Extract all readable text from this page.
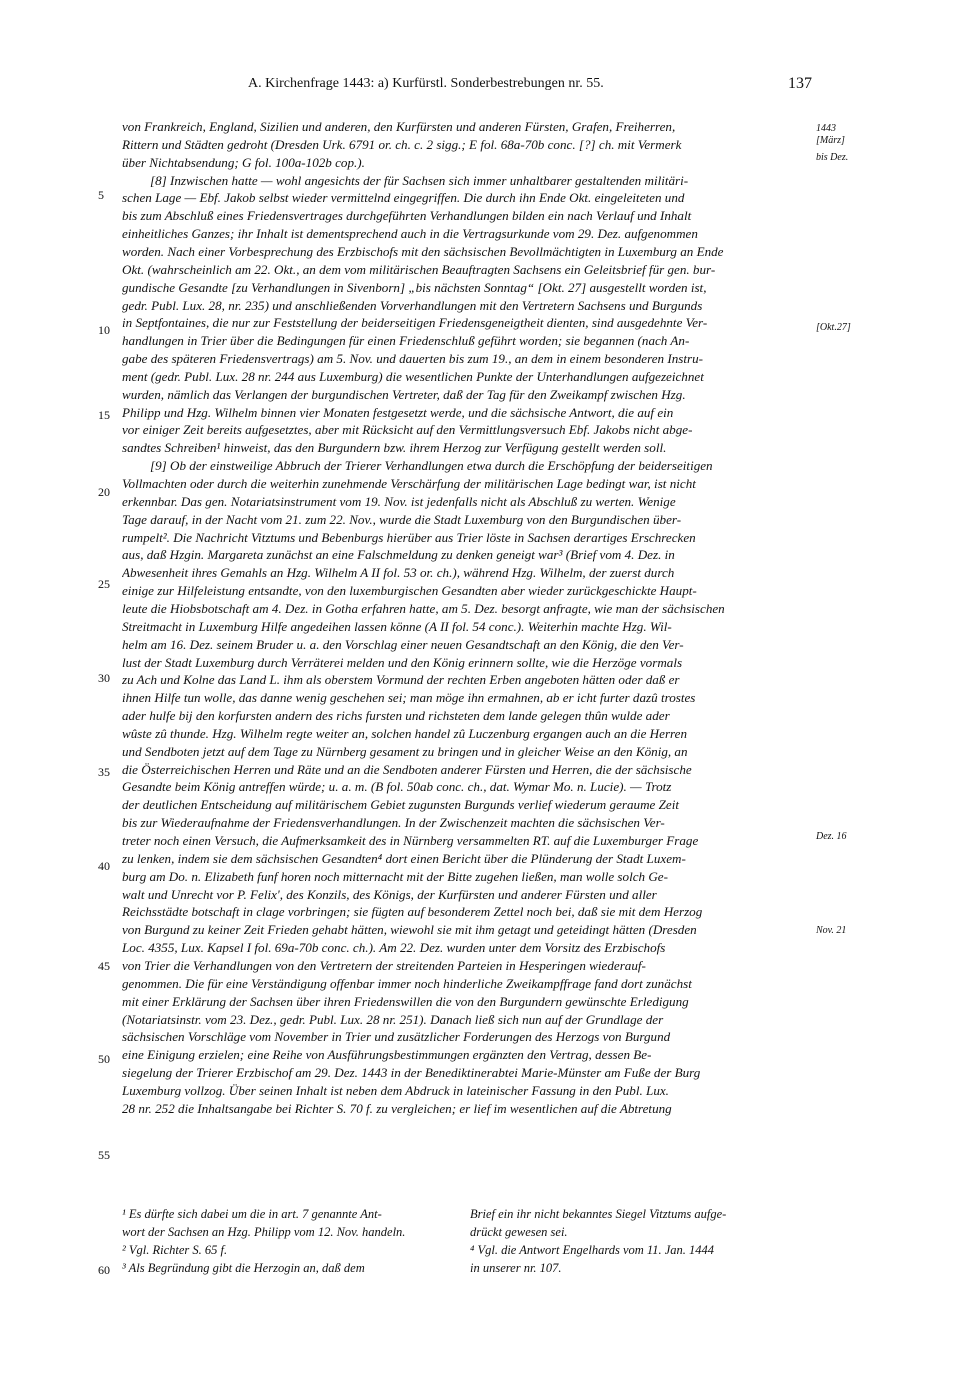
A. Kirchenfrage 1443: a) Kurfürstl. Sonderbestrebungen nr. 55.	137
1443
[März]
bis Dez.
[Okt.27]
Dez. 16
Nov. 21
5
10
15
20
25
30
35
40
45
50
55
60
von Frankreich, England, Sizilien und anderen, den Kurfürsten und anderen Fürsten, Grafen, Freiherren,
Rittern und Städten gedroht (Dresden Urk. 6791 or. ch. c. 2 sigg.; E fol. 68a-70b conc. [?] ch. mit Vermerk
über Nichtabsendung; G fol. 100a-102b cop.).
[8] Inzwischen hatte — wohl angesichts der für Sachsen sich immer unhaltbarer gestaltenden militäri-
schen Lage — Ebf. Jakob selbst wieder vermittelnd eingegriffen. Die durch ihn Ende Okt. eingeleiteten und
bis zum Abschluß eines Friedensvertrages durchgeführten Verhandlungen bilden ein nach Verlauf und Inhalt
einheitliches Ganzes; ihr Inhalt ist dementsprechend auch in die Vertragsurkunde vom 29. Dez. aufgenommen
worden. Nach einer Vorbesprechung des Erzbischofs mit den sächsischen Bevollmächtigten in Luxemburg an Ende
Okt. (wahrscheinlich am 22. Okt., an dem vom militärischen Beauftragten Sachsens ein Geleitsbrief für gen. bur-
gundische Gesandte [zu Verhandlungen in Sivenborn] „bis nächsten Sonntag“ [Okt. 27] ausgestellt worden ist,
gedr. Publ. Lux. 28, nr. 235) und anschließenden Vorverhandlungen mit den Vertretern Sachsens und Burgunds
in Septfontaines, die nur zur Feststellung der beiderseitigen Friedensgeneigtheit dienten, sind ausgedehnte Ver-
handlungen in Trier über die Bedingungen für einen Friedenschluß geführt worden; sie begannen (nach An-
gabe des späteren Friedensvertrags) am 5. Nov. und dauerten bis zum 19., an dem in einem besonderen Instru-
ment (gedr. Publ. Lux. 28 nr. 244 aus Luxemburg) die wesentlichen Punkte der Unterhandlungen aufgezeichnet
wurden, nämlich das Verlangen der burgundischen Vertreter, daß der Tag für den Zweikampf zwischen Hzg.
Philipp und Hzg. Wilhelm binnen vier Monaten festgesetzt werde, und die sächsische Antwort, die auf ein
vor einiger Zeit bereits aufgesetztes, aber mit Rücksicht auf den Vermittlungsversuch Ebf. Jakobs nicht abge-
sandtes Schreiben¹ hinweist, das den Burgundern bzw. ihrem Herzog zur Verfügung gestellt werden soll.
[9] Ob der einstweilige Abbruch der Trierer Verhandlungen etwa durch die Erschöpfung der beiderseitigen
Vollmachten oder durch die weiterhin zunehmende Verschärfung der militärischen Lage bedingt war, ist nicht
erkennbar. Das gen. Notariatsinstrument vom 19. Nov. ist jedenfalls nicht als Abschluß zu werten. Wenige
Tage darauf, in der Nacht vom 21. zum 22. Nov., wurde die Stadt Luxemburg von den Burgundischen über-
rumpelt². Die Nachricht Vitztums und Bebenburgs hierüber aus Trier löste in Sachsen derartiges Erschrecken
aus, daß Hzgin. Margareta zunächst an eine Falschmeldung zu denken geneigt war³ (Brief vom 4. Dez. in
Abwesenheit ihres Gemahls an Hzg. Wilhelm A II fol. 53 or. ch.), während Hzg. Wilhelm, der zuerst durch
einige zur Hilfeleistung entsandte, von den luxemburgischen Gesandten aber wieder zurückgeschickte Haupt-
leute die Hiobsbotschaft am 4. Dez. in Gotha erfahren hatte, am 5. Dez. besorgt anfragte, wie man der sächsischen
Streitmacht in Luxemburg Hilfe angedeihen lassen könne (A II fol. 54 conc.). Weiterhin machte Hzg. Wil-
helm am 16. Dez. seinem Bruder u. a. den Vorschlag einer neuen Gesandtschaft an den König, die den Ver-
lust der Stadt Luxemburg durch Verräterei melden und den König erinnern sollte, wie die Herzöge vormals
zu Ach und Kolne das Land L. ihm als oberstem Vormund der rechten Erben angeboten hätten oder daß er
ihnen Hilfe tun wolle, das danne wenig geschehen sei; man möge ihn ermahnen, ab er icht furter dazû trostes
ader hulfe bij den korfursten andern des richs fursten und richsteten dem lande gelegen thûn wulde ader
wûste zû thunde. Hzg. Wilhelm regte weiter an, solchen handel zû Luczenburg ergangen auch an die Herren
und Sendboten jetzt auf dem Tage zu Nürnberg gesament zu bringen und in gleicher Weise an den König, an
die Österreichischen Herren und Räte und an die Sendboten anderer Fürsten und Herren, die der sächsische
Gesandte beim König antreffen würde; u. a. m. (B fol. 50ab conc. ch., dat. Wymar Mo. n. Lucie). — Trotz
der deutlichen Entscheidung auf militärischem Gebiet zugunsten Burgunds verlief wiederum geraume Zeit
bis zur Wiederaufnahme der Friedensverhandlungen. In der Zwischenzeit machten die sächsischen Ver-
treter noch einen Versuch, die Aufmerksamkeit des in Nürnberg versammelten RT. auf die Luxemburger Frage
zu lenken, indem sie dem sächsischen Gesandten⁴ dort einen Bericht über die Plünderung der Stadt Luxem-
burg am Do. n. Elizabeth funf horen noch mitternacht mit der Bitte zugehen ließen, man wolle solch Ge-
walt und Unrecht vor P. Felix', des Konzils, des Königs, der Kurfürsten und anderer Fürsten und aller
Reichsstädte botschaft in clage vorbringen; sie fügten auf besonderem Zettel noch bei, daß sie mit dem Herzog
von Burgund zu keiner Zeit Frieden gehabt hätten, wiewohl sie mit ihm getagt und geteidingt hätten (Dresden
Loc. 4355, Lux. Kapsel I fol. 69a-70b conc. ch.). Am 22. Dez. wurden unter dem Vorsitz des Erzbischofs
von Trier die Verhandlungen von den Vertretern der streitenden Parteien in Hesperingen wiederauf-
genommen. Die für eine Verständigung offenbar immer noch hinderliche Zweikampffrage fand dort zunächst
mit einer Erklärung der Sachsen über ihren Friedenswillen die von den Burgundern gewünschte Erledigung
(Notariatsinstr. vom 23. Dez., gedr. Publ. Lux. 28 nr. 251). Danach ließ sich nun auf der Grundlage der
sächsischen Vorschläge vom November in Trier und zusätzlicher Forderungen des Herzogs von Burgund
eine Einigung erzielen; eine Reihe von Ausführungsbestimmungen ergänzten den Vertrag, dessen Be-
siegelung der Trierer Erzbischof am 29. Dez. 1443 in der Benediktinerabtei Marie-Münster am Fuße der Burg
Luxemburg vollzog. Über seinen Inhalt ist neben dem Abdruck in lateinischer Fassung in den Publ. Lux.
28 nr. 252 die Inhaltsangabe bei Richter S. 70 f. zu vergleichen; er lief im wesentlichen auf die Abtretung
¹ Es dürfte sich dabei um die in art. 7 genannte Ant-
wort der Sachsen an Hzg. Philipp vom 12. Nov. handeln.
² Vgl. Richter S. 65 f.
³ Als Begründung gibt die Herzogin an, daß dem
Brief ein ihr nicht bekanntes Siegel Vitztums aufge-
drückt gewesen sei.
⁴ Vgl. die Antwort Engelhards vom 11. Jan. 1444
in unserer nr. 107.
